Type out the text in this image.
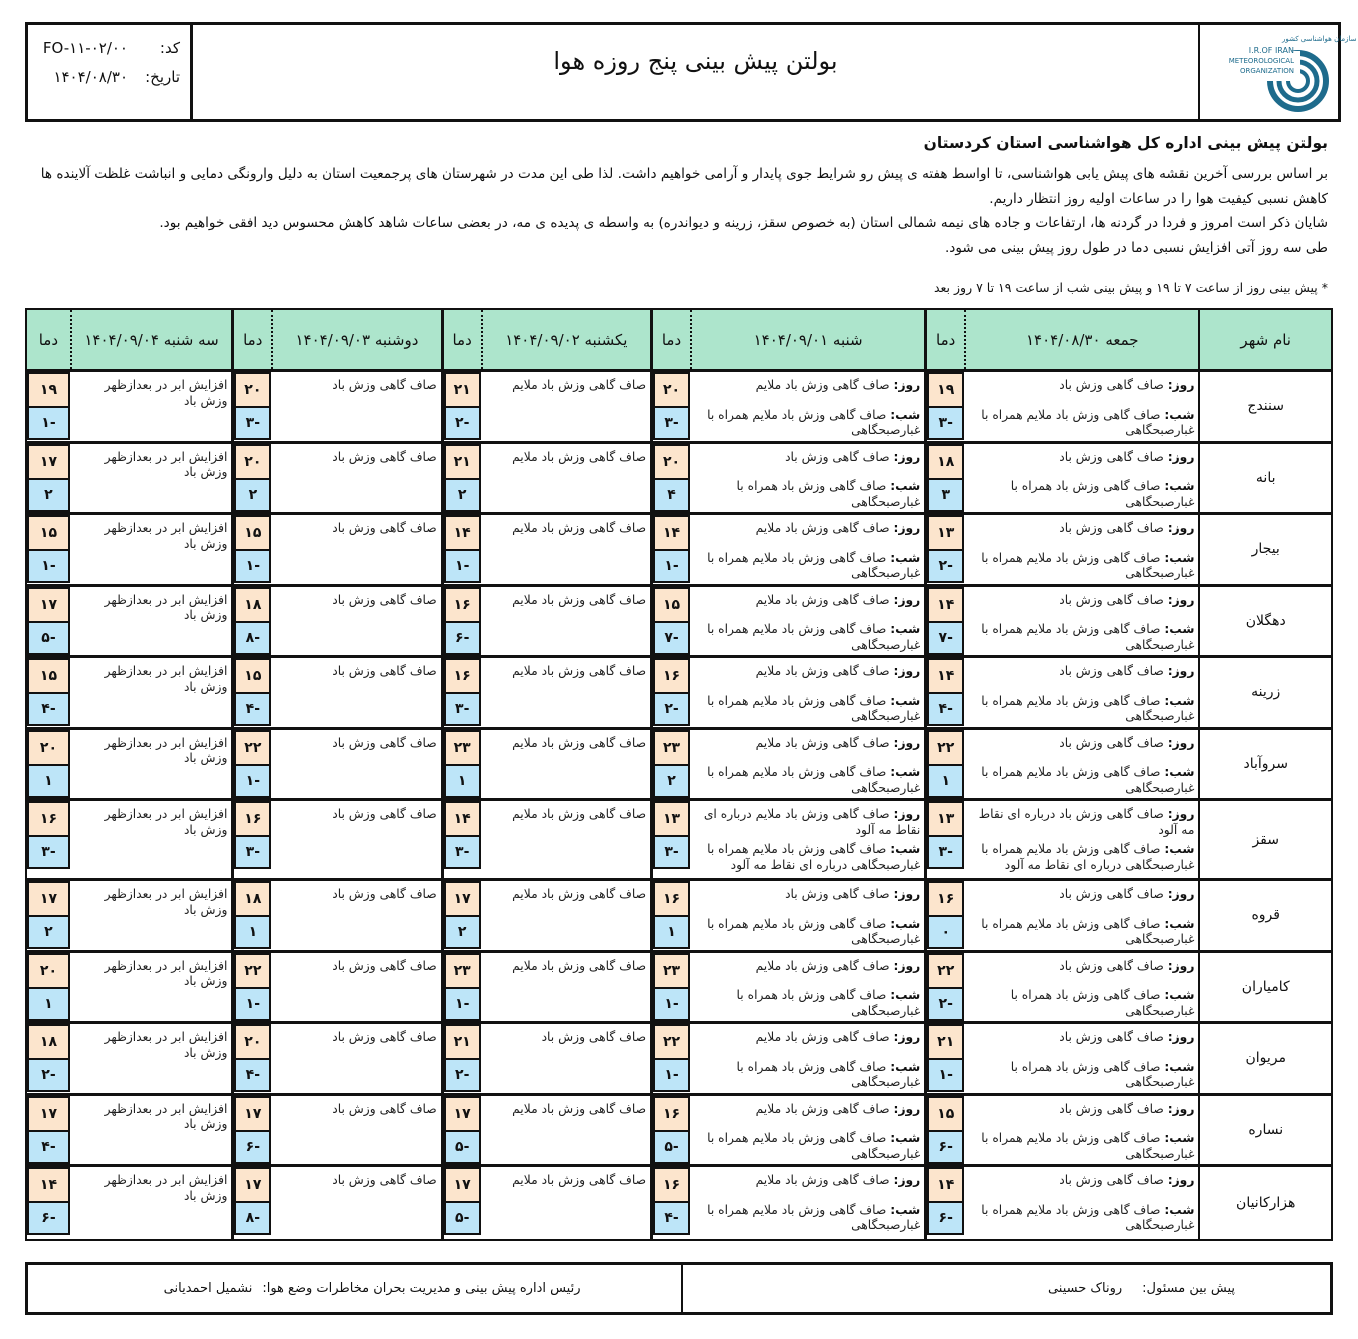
سازمان هواشناسی کشور
I.R.OF IRAN
METEOROLOGICAL
ORGANIZATION
بولتن پیش بینی پنج روزه هوا
کد:
FO-۱۱-۰۲/۰۰
تاریخ:
۱۴۰۴/۰۸/۳۰
بولتن پیش بینی اداره کل هواشناسی استان کردستان

بر اساس بررسی آخرین نقشه های پیش یابی هواشناسی، تا اواسط هفته ی پیش رو شرایط جوی پایدار و آرامی خواهیم داشت. لذا طی این مدت در شهرستان های پرجمعیت استان به دلیل وارونگی دمایی و انباشت غلظت آلاینده ها کاهش نسبی کیفیت هوا را در ساعات اولیه روز انتظار داریم.

شایان ذکر است امروز و فردا در گردنه ها، ارتفاعات و جاده های نیمه شمالی استان (به خصوص سقز، زرینه و دیواندره) به واسطه ی پدیده ی مه، در بعضی ساعات شاهد کاهش محسوس دید افقی خواهیم بود.

طی سه روز آتی افزایش نسبی دما در طول روز پیش بینی می شود.

* پیش بینی روز از ساعت ۷ تا ۱۹ و پیش بینی شب از ساعت ۱۹ تا ۷ روز بعد

نام شهر
جمعه ۱۴۰۴/۰۸/۳۰
دما
شنبه ۱۴۰۴/۰۹/۰۱
دما
یکشنبه ۱۴۰۴/۰۹/۰۲
دما
دوشنبه ۱۴۰۴/۰۹/۰۳
دما
سه شنبه ۱۴۰۴/۰۹/۰۴
دما
سنندج
روز: صاف گاهی وزش باد
شب: صاف گاهی وزش باد ملایم همراه با غبارصبحگاهی
۱۹
-۳
روز: صاف گاهی وزش باد ملایم
شب: صاف گاهی وزش باد ملایم همراه با غبارصبحگاهی
۲۰
-۳
صاف گاهی وزش باد ملایم
۲۱
-۲
صاف گاهی وزش باد
۲۰
-۳
افزایش ابر در بعدازظهر وزش باد
۱۹
-۱
بانه
روز: صاف گاهی وزش باد
شب: صاف گاهی وزش باد همراه با غبارصبحگاهی
۱۸
۳
روز: صاف گاهی وزش باد
شب: صاف گاهی وزش باد همراه با غبارصبحگاهی
۲۰
۴
صاف گاهی وزش باد ملایم
۲۱
۲
صاف گاهی وزش باد
۲۰
۲
افزایش ابر در بعدازظهر وزش باد
۱۷
۲
بیجار
روز: صاف گاهی وزش باد
شب: صاف گاهی وزش باد ملایم همراه با غبارصبحگاهی
۱۳
-۲
روز: صاف گاهی وزش باد ملایم
شب: صاف گاهی وزش باد ملایم همراه با غبارصبحگاهی
۱۴
-۱
صاف گاهی وزش باد ملایم
۱۴
-۱
صاف گاهی وزش باد
۱۵
-۱
افزایش ابر در بعدازظهر وزش باد
۱۵
-۱
دهگلان
روز: صاف گاهی وزش باد
شب: صاف گاهی وزش باد ملایم همراه با غبارصبحگاهی
۱۴
-۷
روز: صاف گاهی وزش باد ملایم
شب: صاف گاهی وزش باد ملایم همراه با غبارصبحگاهی
۱۵
-۷
صاف گاهی وزش باد ملایم
۱۶
-۶
صاف گاهی وزش باد
۱۸
-۸
افزایش ابر در بعدازظهر وزش باد
۱۷
-۵
زرینه
روز: صاف گاهی وزش باد
شب: صاف گاهی وزش باد ملایم همراه با غبارصبحگاهی
۱۴
-۴
روز: صاف گاهی وزش باد ملایم
شب: صاف گاهی وزش باد ملایم همراه با غبارصبحگاهی
۱۶
-۲
صاف گاهی وزش باد ملایم
۱۶
-۳
صاف گاهی وزش باد
۱۵
-۴
افزایش ابر در بعدازظهر وزش باد
۱۵
-۴
سروآباد
روز: صاف گاهی وزش باد
شب: صاف گاهی وزش باد ملایم همراه با غبارصبحگاهی
۲۲
۱
روز: صاف گاهی وزش باد ملایم
شب: صاف گاهی وزش باد ملایم همراه با غبارصبحگاهی
۲۳
۲
صاف گاهی وزش باد ملایم
۲۳
۱
صاف گاهی وزش باد
۲۲
-۱
افزایش ابر در بعدازظهر وزش باد
۲۰
۱
سقز
روز: صاف گاهی وزش باد درباره ای نقاط مه آلود
شب: صاف گاهی وزش باد ملایم همراه با غبارصبحگاهی درباره ای نقاط مه آلود
۱۳
-۳
روز: صاف گاهی وزش باد ملایم درباره ای نقاط مه آلود
شب: صاف گاهی وزش باد ملایم همراه با غبارصبحگاهی درباره ای نقاط مه آلود
۱۳
-۳
صاف گاهی وزش باد ملایم
۱۴
-۳
صاف گاهی وزش باد
۱۶
-۳
افزایش ابر در بعدازظهر وزش باد
۱۶
-۳
قروه
روز: صاف گاهی وزش باد
شب: صاف گاهی وزش باد ملایم همراه با غبارصبحگاهی
۱۶
۰
روز: صاف گاهی وزش باد
شب: صاف گاهی وزش باد ملایم همراه با غبارصبحگاهی
۱۶
۱
صاف گاهی وزش باد ملایم
۱۷
۲
صاف گاهی وزش باد
۱۸
۱
افزایش ابر در بعدازظهر وزش باد
۱۷
۲
کامیاران
روز: صاف گاهی وزش باد
شب: صاف گاهی وزش باد همراه با غبارصبحگاهی
۲۲
-۲
روز: صاف گاهی وزش باد ملایم
شب: صاف گاهی وزش باد همراه با غبارصبحگاهی
۲۳
-۱
صاف گاهی وزش باد ملایم
۲۳
-۱
صاف گاهی وزش باد
۲۲
-۱
افزایش ابر در بعدازظهر وزش باد
۲۰
۱
مریوان
روز: صاف گاهی وزش باد
شب: صاف گاهی وزش باد همراه با غبارصبحگاهی
۲۱
-۱
روز: صاف گاهی وزش باد ملایم
شب: صاف گاهی وزش باد همراه با غبارصبحگاهی
۲۲
-۱
صاف گاهی وزش باد
۲۱
-۲
صاف گاهی وزش باد
۲۰
-۴
افزایش ابر در بعدازظهر وزش باد
۱۸
-۲
نساره
روز: صاف گاهی وزش باد
شب: صاف گاهی وزش باد ملایم همراه با غبارصبحگاهی
۱۵
-۶
روز: صاف گاهی وزش باد ملایم
شب: صاف گاهی وزش باد ملایم همراه با غبارصبحگاهی
۱۶
-۵
صاف گاهی وزش باد ملایم
۱۷
-۵
صاف گاهی وزش باد
۱۷
-۶
افزایش ابر در بعدازظهر وزش باد
۱۷
-۴
هزارکانیان
روز: صاف گاهی وزش باد
شب: صاف گاهی وزش باد ملایم همراه با غبارصبحگاهی
۱۴
-۶
روز: صاف گاهی وزش باد ملایم
شب: صاف گاهی وزش باد ملایم همراه با غبارصبحگاهی
۱۶
-۴
صاف گاهی وزش باد ملایم
۱۷
-۵
صاف گاهی وزش باد
۱۷
-۸
افزایش ابر در بعدازظهر وزش باد
۱۴
-۶
پیش بین مسئول:
روناک حسینی
رئیس اداره پیش بینی و مدیریت بحران مخاطرات وضع هوا:
نشمیل احمدیانی
